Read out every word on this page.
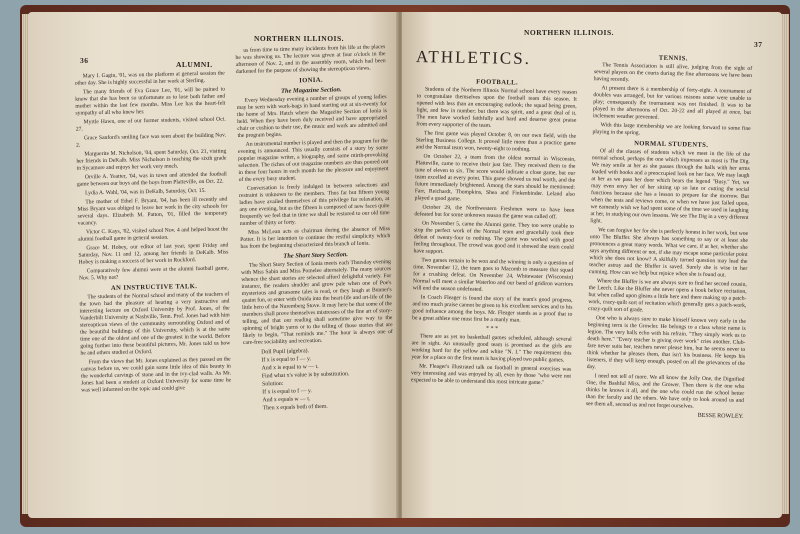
36	ALUMNI.
NORTHERN ILLINOIS.

Mary I. Gagin, '01, was on the platform at general session the other day. She is highly successful in her work at Sterling.

The many friends of Eva Grace Lee, '01, will be pained to know that she has been so unfortunate as to lose both father and mother within the last few months. Miss Lee has the heart-felt sympathy of all who knew her.

Myrtle Hawn, one of our former students, visited school Oct. 27.

Grace Sanford's smiling face was seen about the building Nov. 2.

Marguerite M. Nicholson, '04, spent Saturday, Oct. 21, visiting her friends in DeKalb. Miss Nicholson is teaching the sixth grade in Sycamore and enjoys her work very much.

Orville A. Yeatter, '04, was in town and attended the football game between our boys and the boys from Platteville, on Oct. 22.

Lydia A. Wahl, '04, was in DeKalb, Saturday, Oct. 15.

The mother of Ethel F. Bryant, '04, has been ill recently and Miss Bryant was obliged to leave her work in the city schools for several days. Elizabeth M. Patton, '01, filled the temporary vacancy.

Victor C. Kays, '02, visited school Nov. 4 and helped boost the alumni football game in general session.

Grace M. Hobey, our editor of last year, spent Friday and Saturday, Nov. 11 and 12, among her friends in DeKalb. Miss Hobey is making a success of her work in Rockford.

Comparatively few alumni were at the alumni football game, Nov. 5. Why not?

AN INSTRUCTIVE TALK.

The students of the Normal school and many of the teachers of the town had the pleasure of hearing a very instructive and interesting lecture on Oxford University by Prof. Jones, of the Vanderbilt University at Nashville, Tenn. Prof. Jones had with him stereopticon views of the community surrounding Oxford and of the beautiful buildings of this University, which is at the same time one of the oldest and one of the greatest in the world. Before going further into these beautiful pictures, Mr. Jones told us how he and others studied at Oxford.

From the views that Mr. Jones explained as they passed on the canvas before us, we could gain some little idea of this beauty in the wonderful carvings of stone and in the ivy-clad walls. As Mr. Jones had been a student at Oxford University for some time he was well informed on the topic and could give

us from time to time many incidents from his life at the places he was showing us. The lecture was given at four o'clock in the afternoon of Nov. 2, and in the assembly room, which had been darkened for the purpose of showing the stereopticon views.

IONIA.
The Magazine Section.

Every Wednesday evening a number of groups of young ladies may be seen with work-bags in hand starting out at six-twenty for the home of Mrs. Hatch where the Magazine Section of Ionia is held. When they have been duly received and have appropriated chair or cushion to their use, the music and work are admitted and the program begins.

An instrumental number is played and then the program for the evening is announced. This usually consists of a story by some popular magazine writer, a biography, and some mirth-provoking selection. The riches of our magazine numbers are thus poured out in these four hours in each month for the pleasure and enjoyment of the every busy student.

Conversation is freely indulged in between selections and restraint is unknown to the members. Thus far but fifteen young ladies have availed themselves of this privilege for relaxation, at any one evening, but as the fifteen is composed of new faces quite frequently we feel that in time we shall be restored to our old time number of thirty or forty.

Miss McLean acts as chairman during the absence of Miss Potter. It is her intention to continue the restful simplicity which has from the beginning characterized this branch of Ionia.

The Short Story Section.

The Short Story Section of Ionia meets each Thursday evening with Miss Sabin and Miss Pomelee alternately. The many sources whence the short stories are selected afford delightful variety. For instance, the readers shudder and grow pale when one of Poe's mysterious and gruesome tales is read, or they laugh at Bunner's quaint fun, or enter with Ouida into the heart-life and art-life of the little hero of the Nuremberg Stove. It may here be that some of the members shall prove themselves mistresses of the fine art of story-telling, and that our reading shall sometime give way to the spinning of bright yarns or to the telling of those stories that are likely to begin, "That reminds me." The hour is always one of care-free sociability and recreation.

Doll Pupil (algebra).
If x is equal to f — y.
And x is equal to w — t.
Find what x's value is by substitution.
Solution:
If x is equal to f — y.
And x equals w — t.
Then x equals both of them.
NORTHERN ILLINOIS.
37
ATHLETICS.
FOOTBALL.

Students of the Northern Illinois Normal school have every reason to congratulate themselves upon the football team this season. It opened with less than an encouraging outlook; the squad being green, light, and few in number; but there was spirit, and a great deal of it. The men have worked faithfully and hard and deserve great praise from every supporter of the team.

The first game was played October 8, on our own field, with the Sterling Business College. It proved little more than a practice game and the Normal team won, twenty-eight to nothing.

On October 22, a team from the oldest normal in Wisconsin, Platteville, came to receive their just fate. They received them to the tune of eleven to six. The score would indicate a close game, but our team excelled at every point. This game showed us real worth, and the future immediately brightened. Among the stars should be mentioned: Farr, Reichardt, Thompkins, Shea and Finkenbinder. Leland also played a good game.

October 29, the Northwestern Freshmen were to have been defeated but for some unknown reason the game was called off.

On November 5, came the Alumni game. They too were unable to stop the perfect work of the Normal team and gracefully took their defeat of twenty-four to nothing. The game was worked with good feeling throughout. The crowd was good and it showed the team could have support.

Two games remain to be won and the winning is only a question of time. November 12, the team goes to Macomb to measure that squad for a crushing defeat. On November 24, Whitewater (Wisconsin) Normal will meet a similar Waterloo and our band of gridiron warriors will end the season undefeated.

In Coach Fleager is found the story of the team's good progress, and too much praise cannot be given to his excellent services and to his good influence among the boys. Mr. Fleager stands as a proof that to be a great athlete one must first be a manly man.

* * *

There are as yet no basketball games scheduled, although several are in sight. An unusually good team is promised as the girls are working hard for the yellow and white "N. I." The requirement this year for a place on the first team is having played two public games.

Mr. Fleager's illustrated talk on football in general exercises was very interesting and was enjoyed by all, even by those "who were not expected to be able to understand this most intricate game."

TENNIS.

The Tennis Association is still alive, judging from the sight of several players on the courts during the fine afternoons we have been having recently.

At present there is a membership of forty-eight. A tournament of doubles was arranged, but for various reasons some were unable to play; consequently the tournament was not finished. It was to be played in the afternoons of Oct. 20-22 and all played at once, but inclement weather prevented.

With this large membership we are looking forward to some fine playing in the spring.

NORMAL STUDENTS.

Of all the classes of students which we meet in the life of the normal school, perhaps the one which impresses us most is The Dig. We may smile at her as she passes through the halls with her arms loaded with books and a preoccupied look on her face. We may laugh at her as we pass her door which bears the legend "Busy." Yet, we may even envy her of her sitting up so late or cutting the social functions because she has a lesson to prepare for the morrow. But when the tests and reviews come, or when we have just failed upon, we earnestly wish we had spent some of the time we used in laughing at her, in studying our own lessons. We see The Dig in a very different light.

We can forgive her for she is perfectly honest in her work, but woe unto The Bluffer. She always has something to say or at least she pronounces a great many words. What we care, if at her, whether she says anything different or not, if she may escape some particular point which she does not know? A skilfully turned question may lead the teacher astray and the Bluffer is saved. Surely she is wise in her cunning. How can we help but rejoice when she is found out.

Where the Bluffer is we are always sure to find her second cousin, the Leech. Like the Bluffer she never opens a book before recitation, but when called upon gleans a little here and there making up a patch-work, crazy-quilt sort of recitation which generally gets a patch-work, crazy-quilt sort of grade.

One who is always sure to make himself known very early in the beginning term is the Growler. He belongs to a class whose name is legion. The very halls echo with his refrain. "They simply work us to death here." "Every teacher is giving over work" cries another. Club-fare never suits her, teachers never please him, but he seems never to think whether he pleases them, that isn't his business. He keeps his listeners, if they will keep enough, posted on all the grievances of the day.

I need not tell of more. We all know the Jolly One, the Dignified One, the Bashful Miss, and the Grower. Then there is the one who thinks he knows it all, and the one who could run the school better than the faculty and the others. We have only to look around us and see them all, second us and not forget ourselves.

BESSE ROWLEY.
